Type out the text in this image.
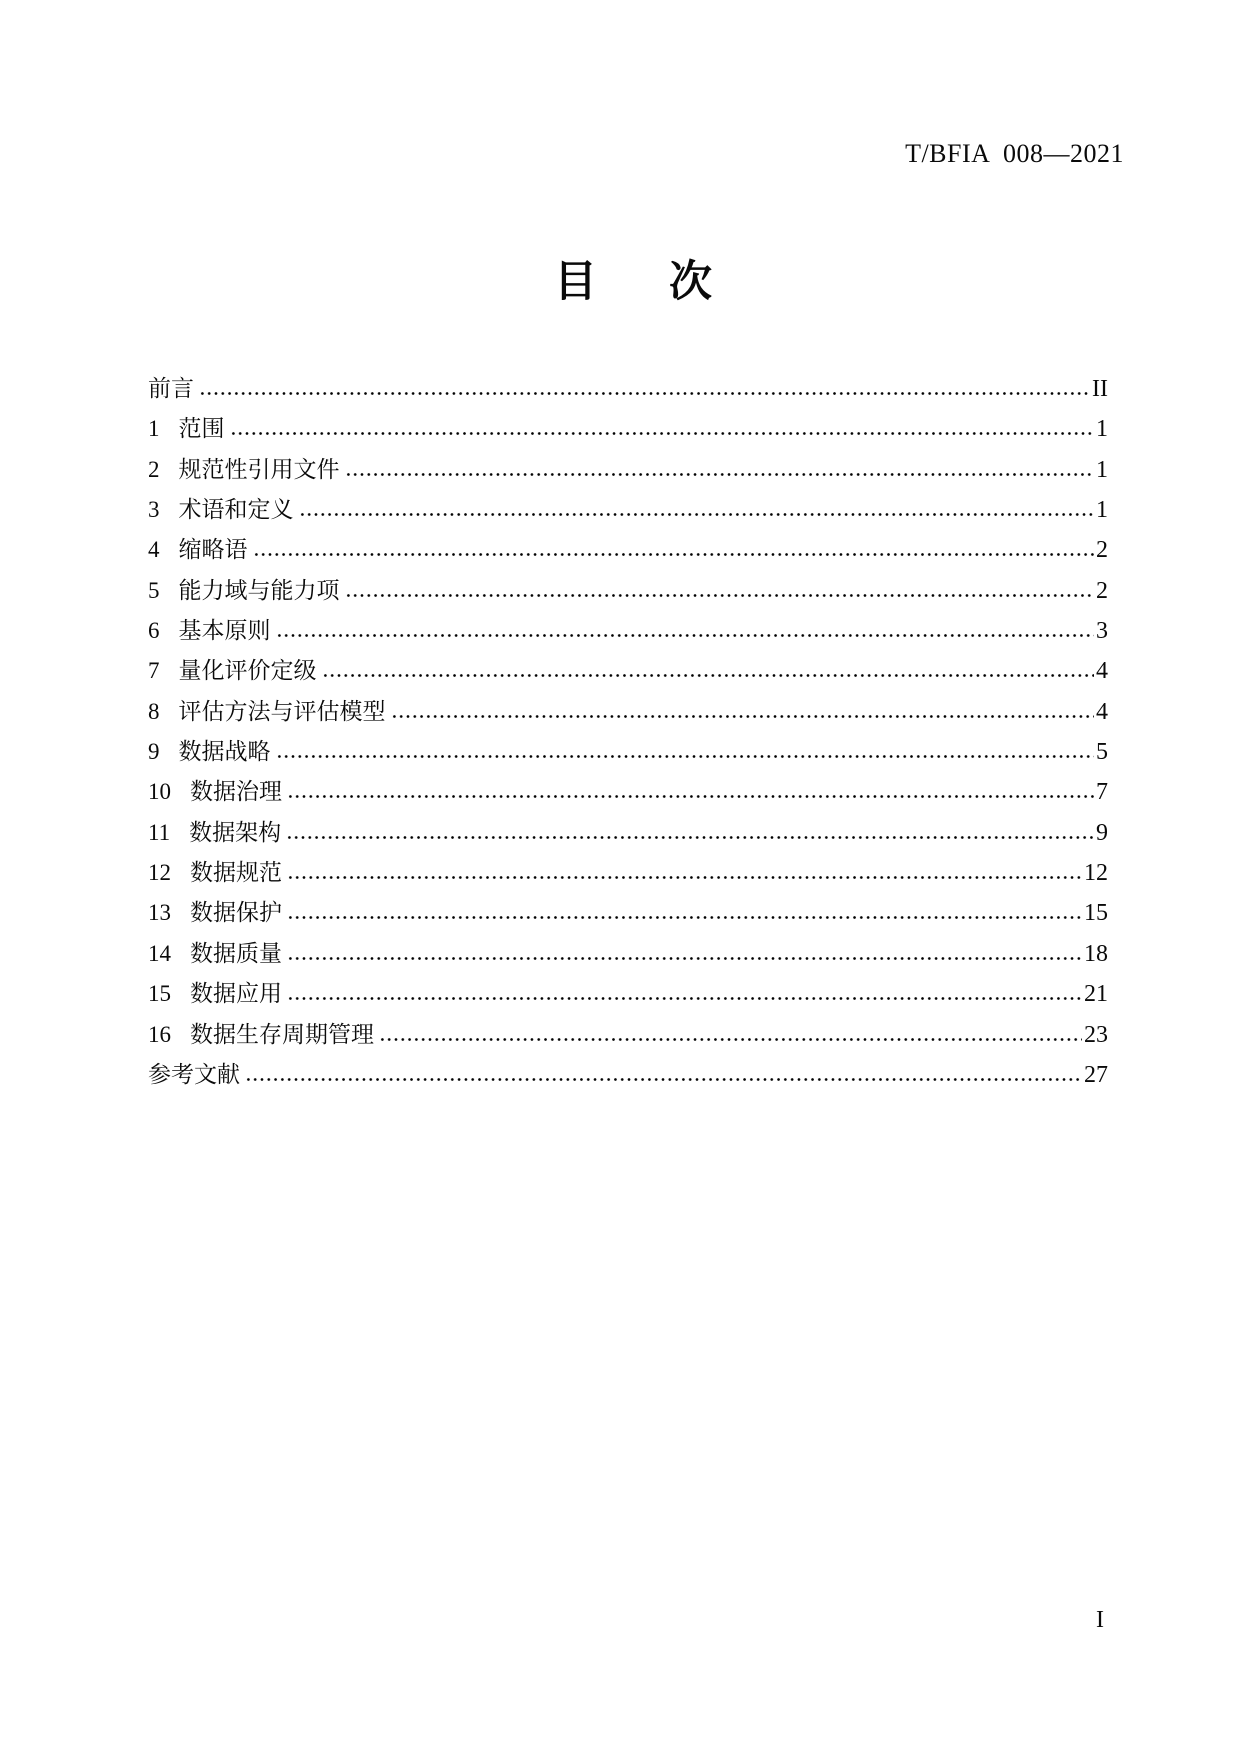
T/BFIA  008—2021
目 次
前言	II
1 范围	1
2 规范性引用文件	1
3 术语和定义	1
4 缩略语	2
5 能力域与能力项	2
6 基本原则	3
7 量化评价定级	4
8 评估方法与评估模型	4
9 数据战略	5
10 数据治理	7
11 数据架构	9
12 数据规范	12
13 数据保护	15
14 数据质量	18
15 数据应用	21
16 数据生存周期管理	23
参考文献	27
I
